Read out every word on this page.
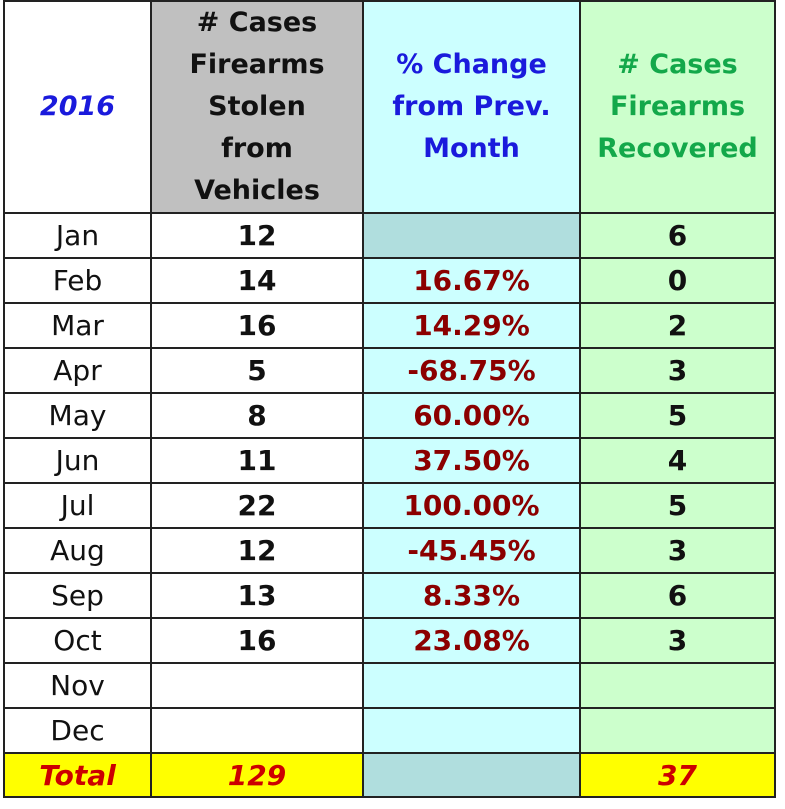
2016	# Cases Firearms Stolen from Vehicles	% Change from Prev. Month	# Cases Firearms Recovered

Jan	12		6
Feb	14	16.67%	0
Mar	16	14.29%	2
Apr	5	-68.75%	3
May	8	60.00%	5
Jun	11	37.50%	4
Jul	22	100.00%	5
Aug	12	-45.45%	3
Sep	13	8.33%	6
Oct	16	23.08%	3
Nov			
Dec			
Total	129		37
